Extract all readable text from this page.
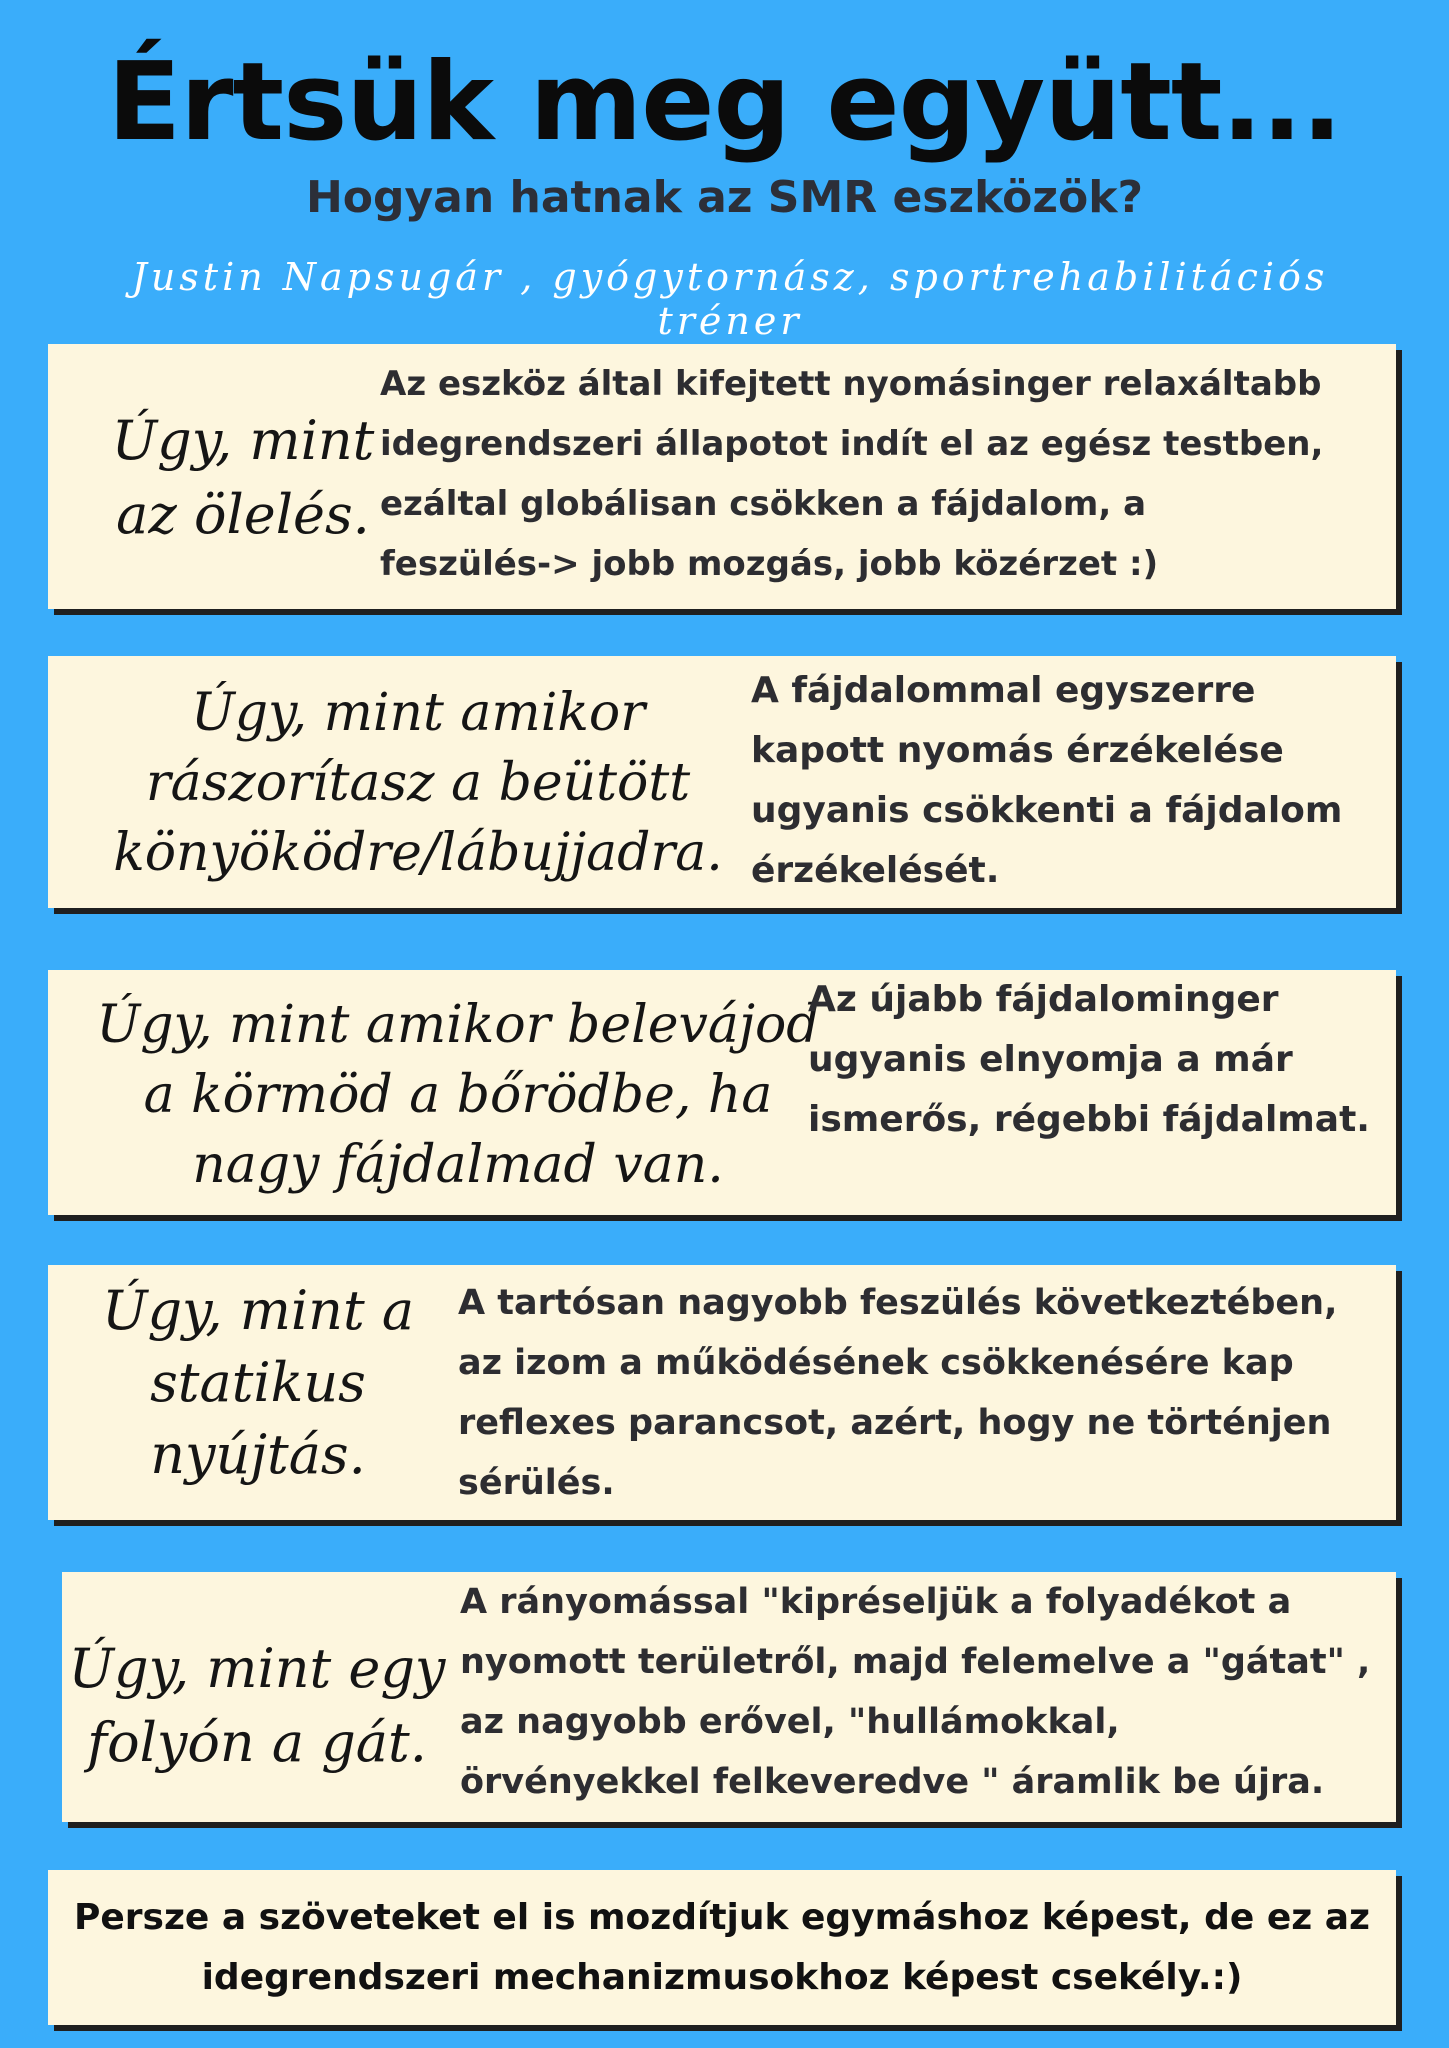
Értsük meg együtt...
Hogyan hatnak az SMR eszközök?
Justin Napsugár , gyógytornász, sportrehabilitációs tréner
Úgy, mint
az ölelés.
Az eszköz által kifejtett nyomásinger relaxáltabb
idegrendszeri állapotot indít el az egész testben,
ezáltal globálisan csökken a fájdalom, a
feszülés-> jobb mozgás, jobb közérzet :)
Úgy, mint amikor
rászorítasz a beütött
könyöködre/lábujjadra.
A fájdalommal egyszerre
kapott nyomás érzékelése
ugyanis csökkenti a fájdalom
érzékelését.
Úgy, mint amikor belevájod
a körmöd a bőrödbe, ha
nagy fájdalmad van.
Az újabb fájdalominger
ugyanis elnyomja a már
ismerős, régebbi fájdalmat.
Úgy, mint a
statikus
nyújtás.
A tartósan nagyobb feszülés következtében,
az izom a működésének csökkenésére kap
reflexes parancsot, azért, hogy ne történjen
sérülés.
Úgy, mint egy
folyón a gát.
A rányomással "kipréseljük a folyadékot a
nyomott területről, majd felemelve a "gátat" ,
az nagyobb erővel, "hullámokkal,
örvényekkel felkeveredve " áramlik be újra.
Persze a szöveteket el is mozdítjuk egymáshoz képest, de ez az
idegrendszeri mechanizmusokhoz képest csekély.:)
